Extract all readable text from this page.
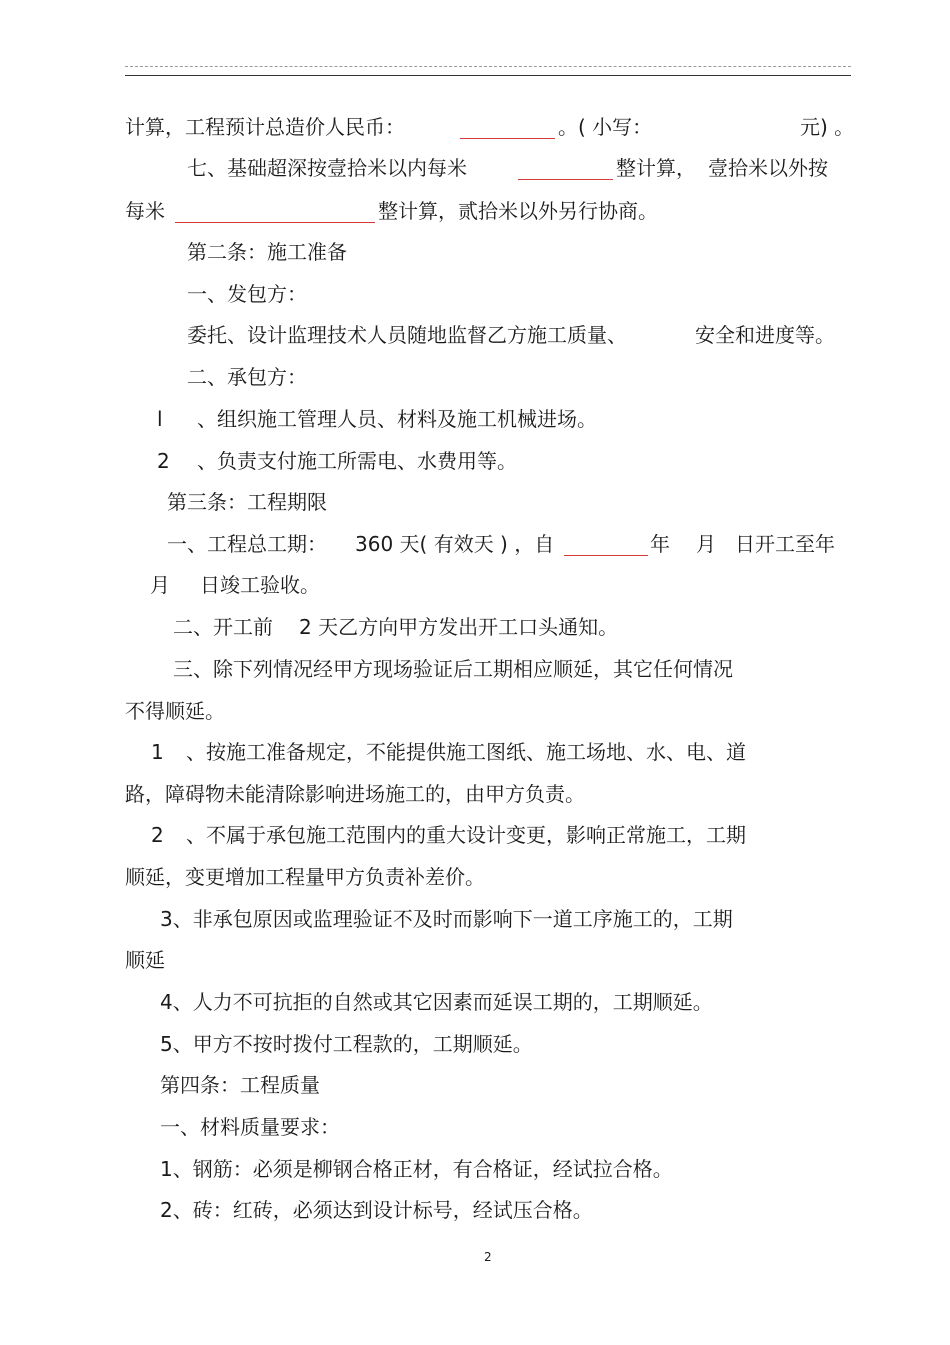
计算，工程预计总造价人民币：	。( 小写：	元) 。
七、基础超深按壹拾米以内每米	整计算， 壹拾米以外按
每米	整计算，贰拾米以外另行协商。
第二条：施工准备
一、发包方：
委托、设计监理技术人员随地监督乙方施工质量、	安全和进度等。
二、承包方：
l 、组织施工管理人员、材料及施工机械进场。
2 、负责支付施工所需电、水费用等。
第三条：工程期限
一、工程总工期： 360 天( 有效天 ) ，自	年 月 日开工至年
月 日竣工验收。
二、开工前 2 天乙方向甲方发出开工口头通知。
三、除下列情况经甲方现场验证后工期相应顺延，其它任何情况
不得顺延。
1 、按施工准备规定，不能提供施工图纸、施工场地、水、电、道
路，障碍物未能清除影响进场施工的，由甲方负责。
2 、不属于承包施工范围内的重大设计变更，影响正常施工，工期
顺延，变更增加工程量甲方负责补差价。
3、非承包原因或监理验证不及时而影响下一道工序施工的，工期
顺延
4、人力不可抗拒的自然或其它因素而延误工期的，工期顺延。
5、甲方不按时拨付工程款的，工期顺延。
第四条：工程质量
一、材料质量要求：
1、钢筋：必须是柳钢合格正材，有合格证，经试拉合格。
2、砖：红砖，必须达到设计标号，经试压合格。
2
